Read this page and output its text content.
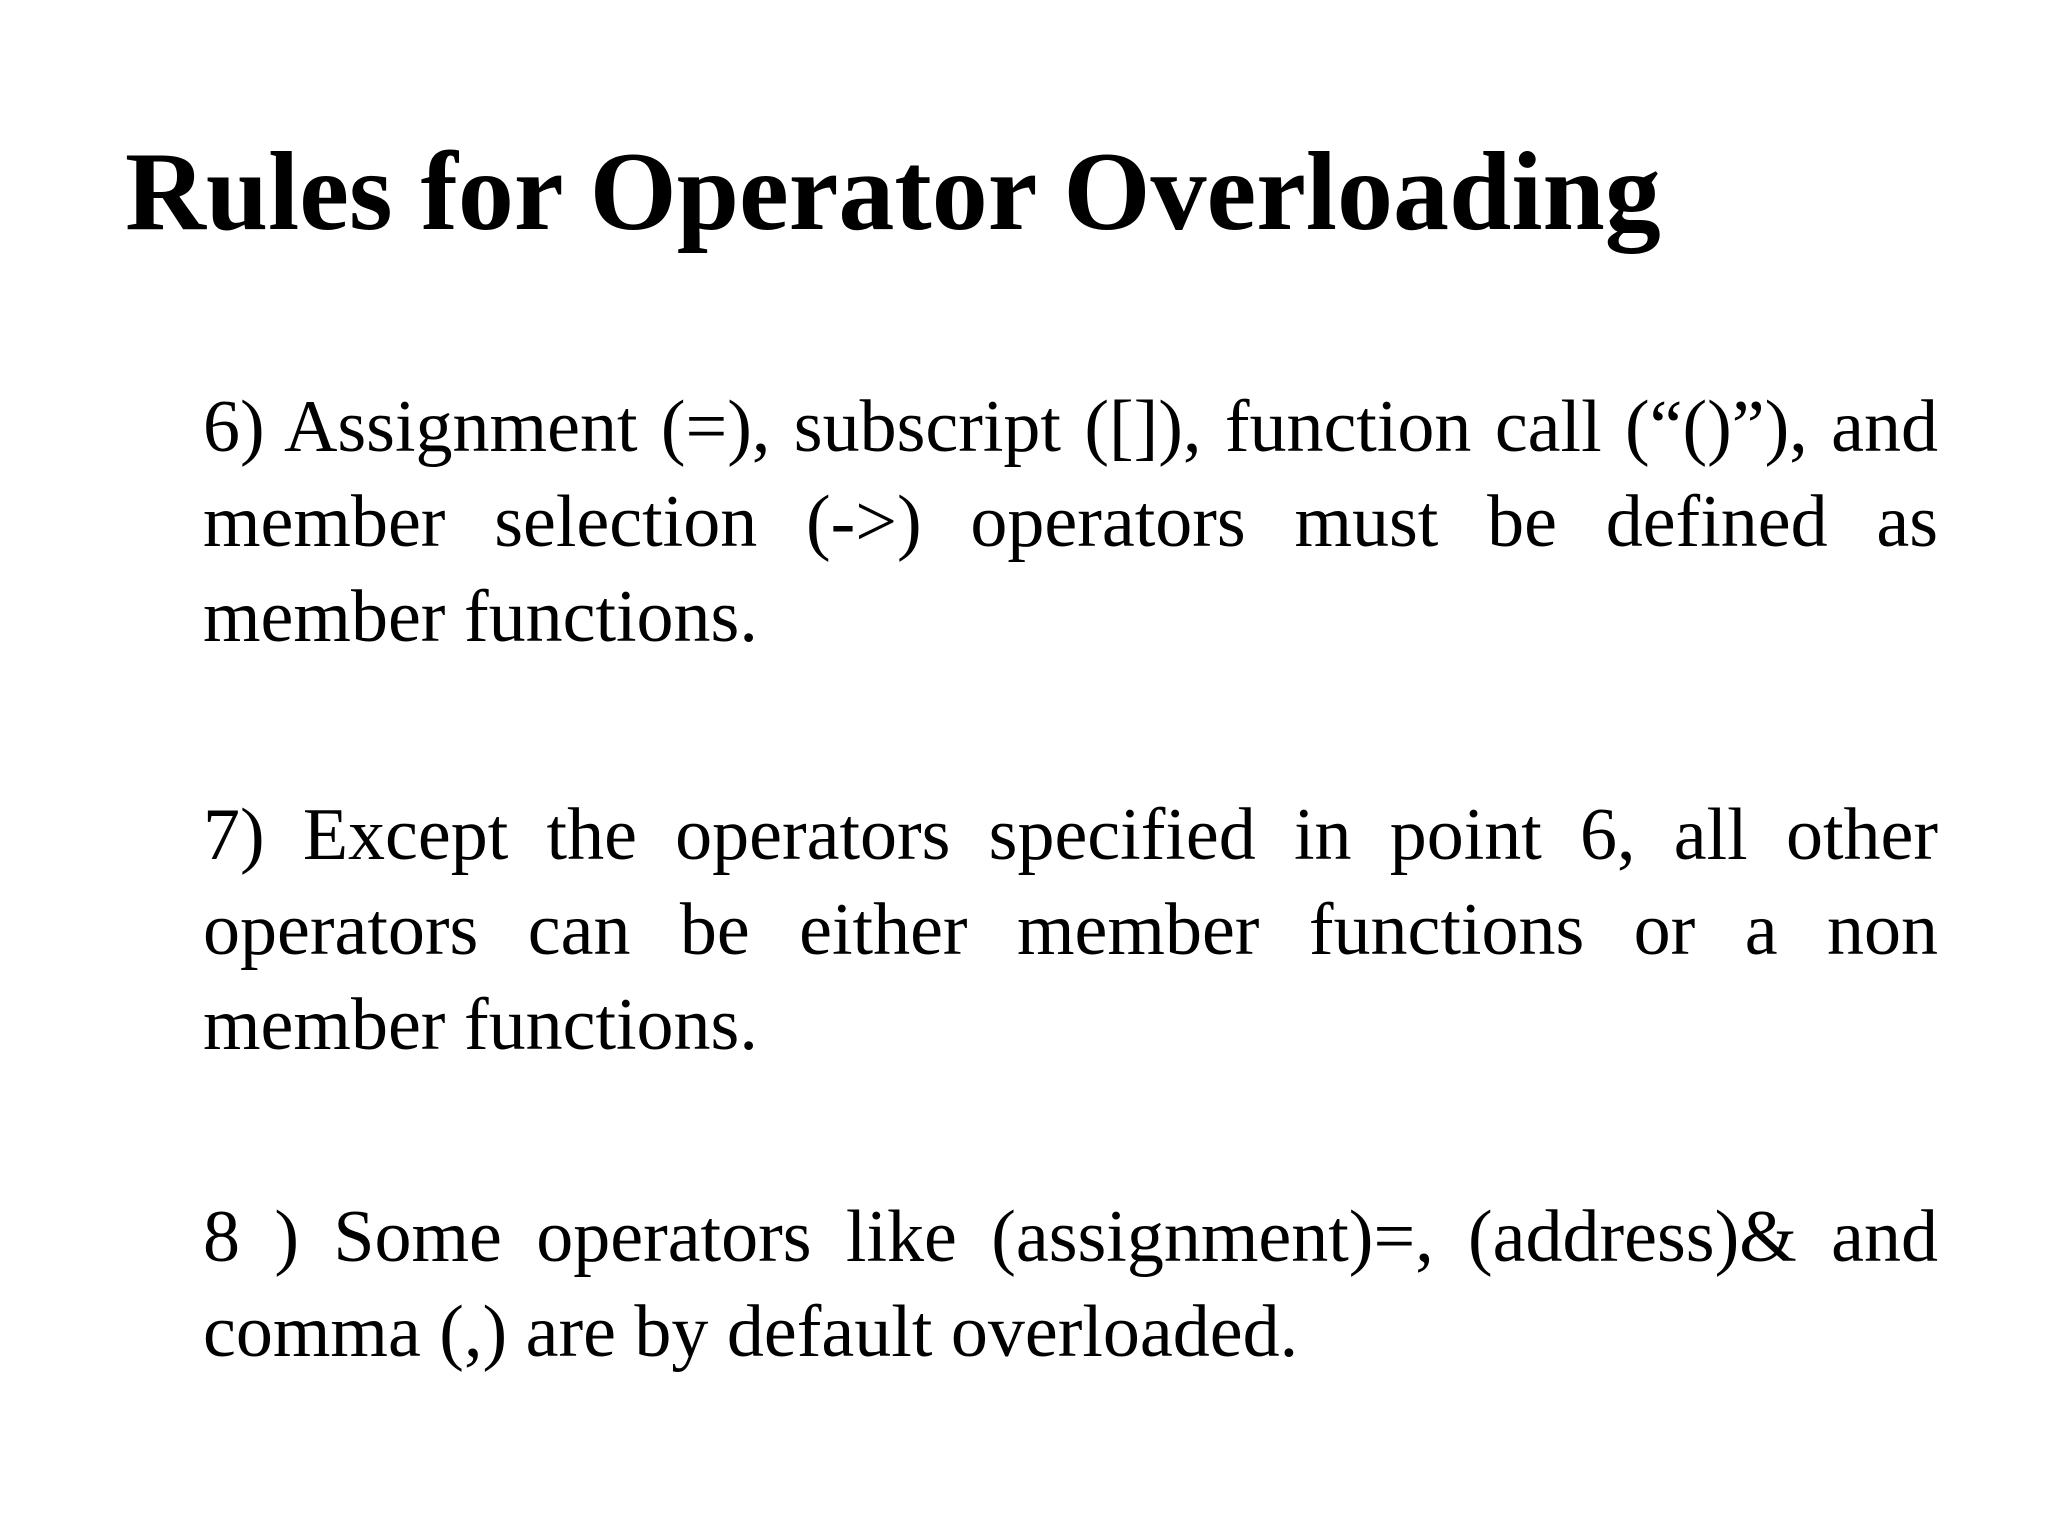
Rules for Operator Overloading

6) Assignment (=), subscript ([]), function call (“()”), and member selection (->) operators must be defined as member functions.

7) Except the operators specified in point 6, all other operators can be either member functions or a non member functions.

8 ) Some operators like (assignment)=, (address)& and comma (,) are by default overloaded.
